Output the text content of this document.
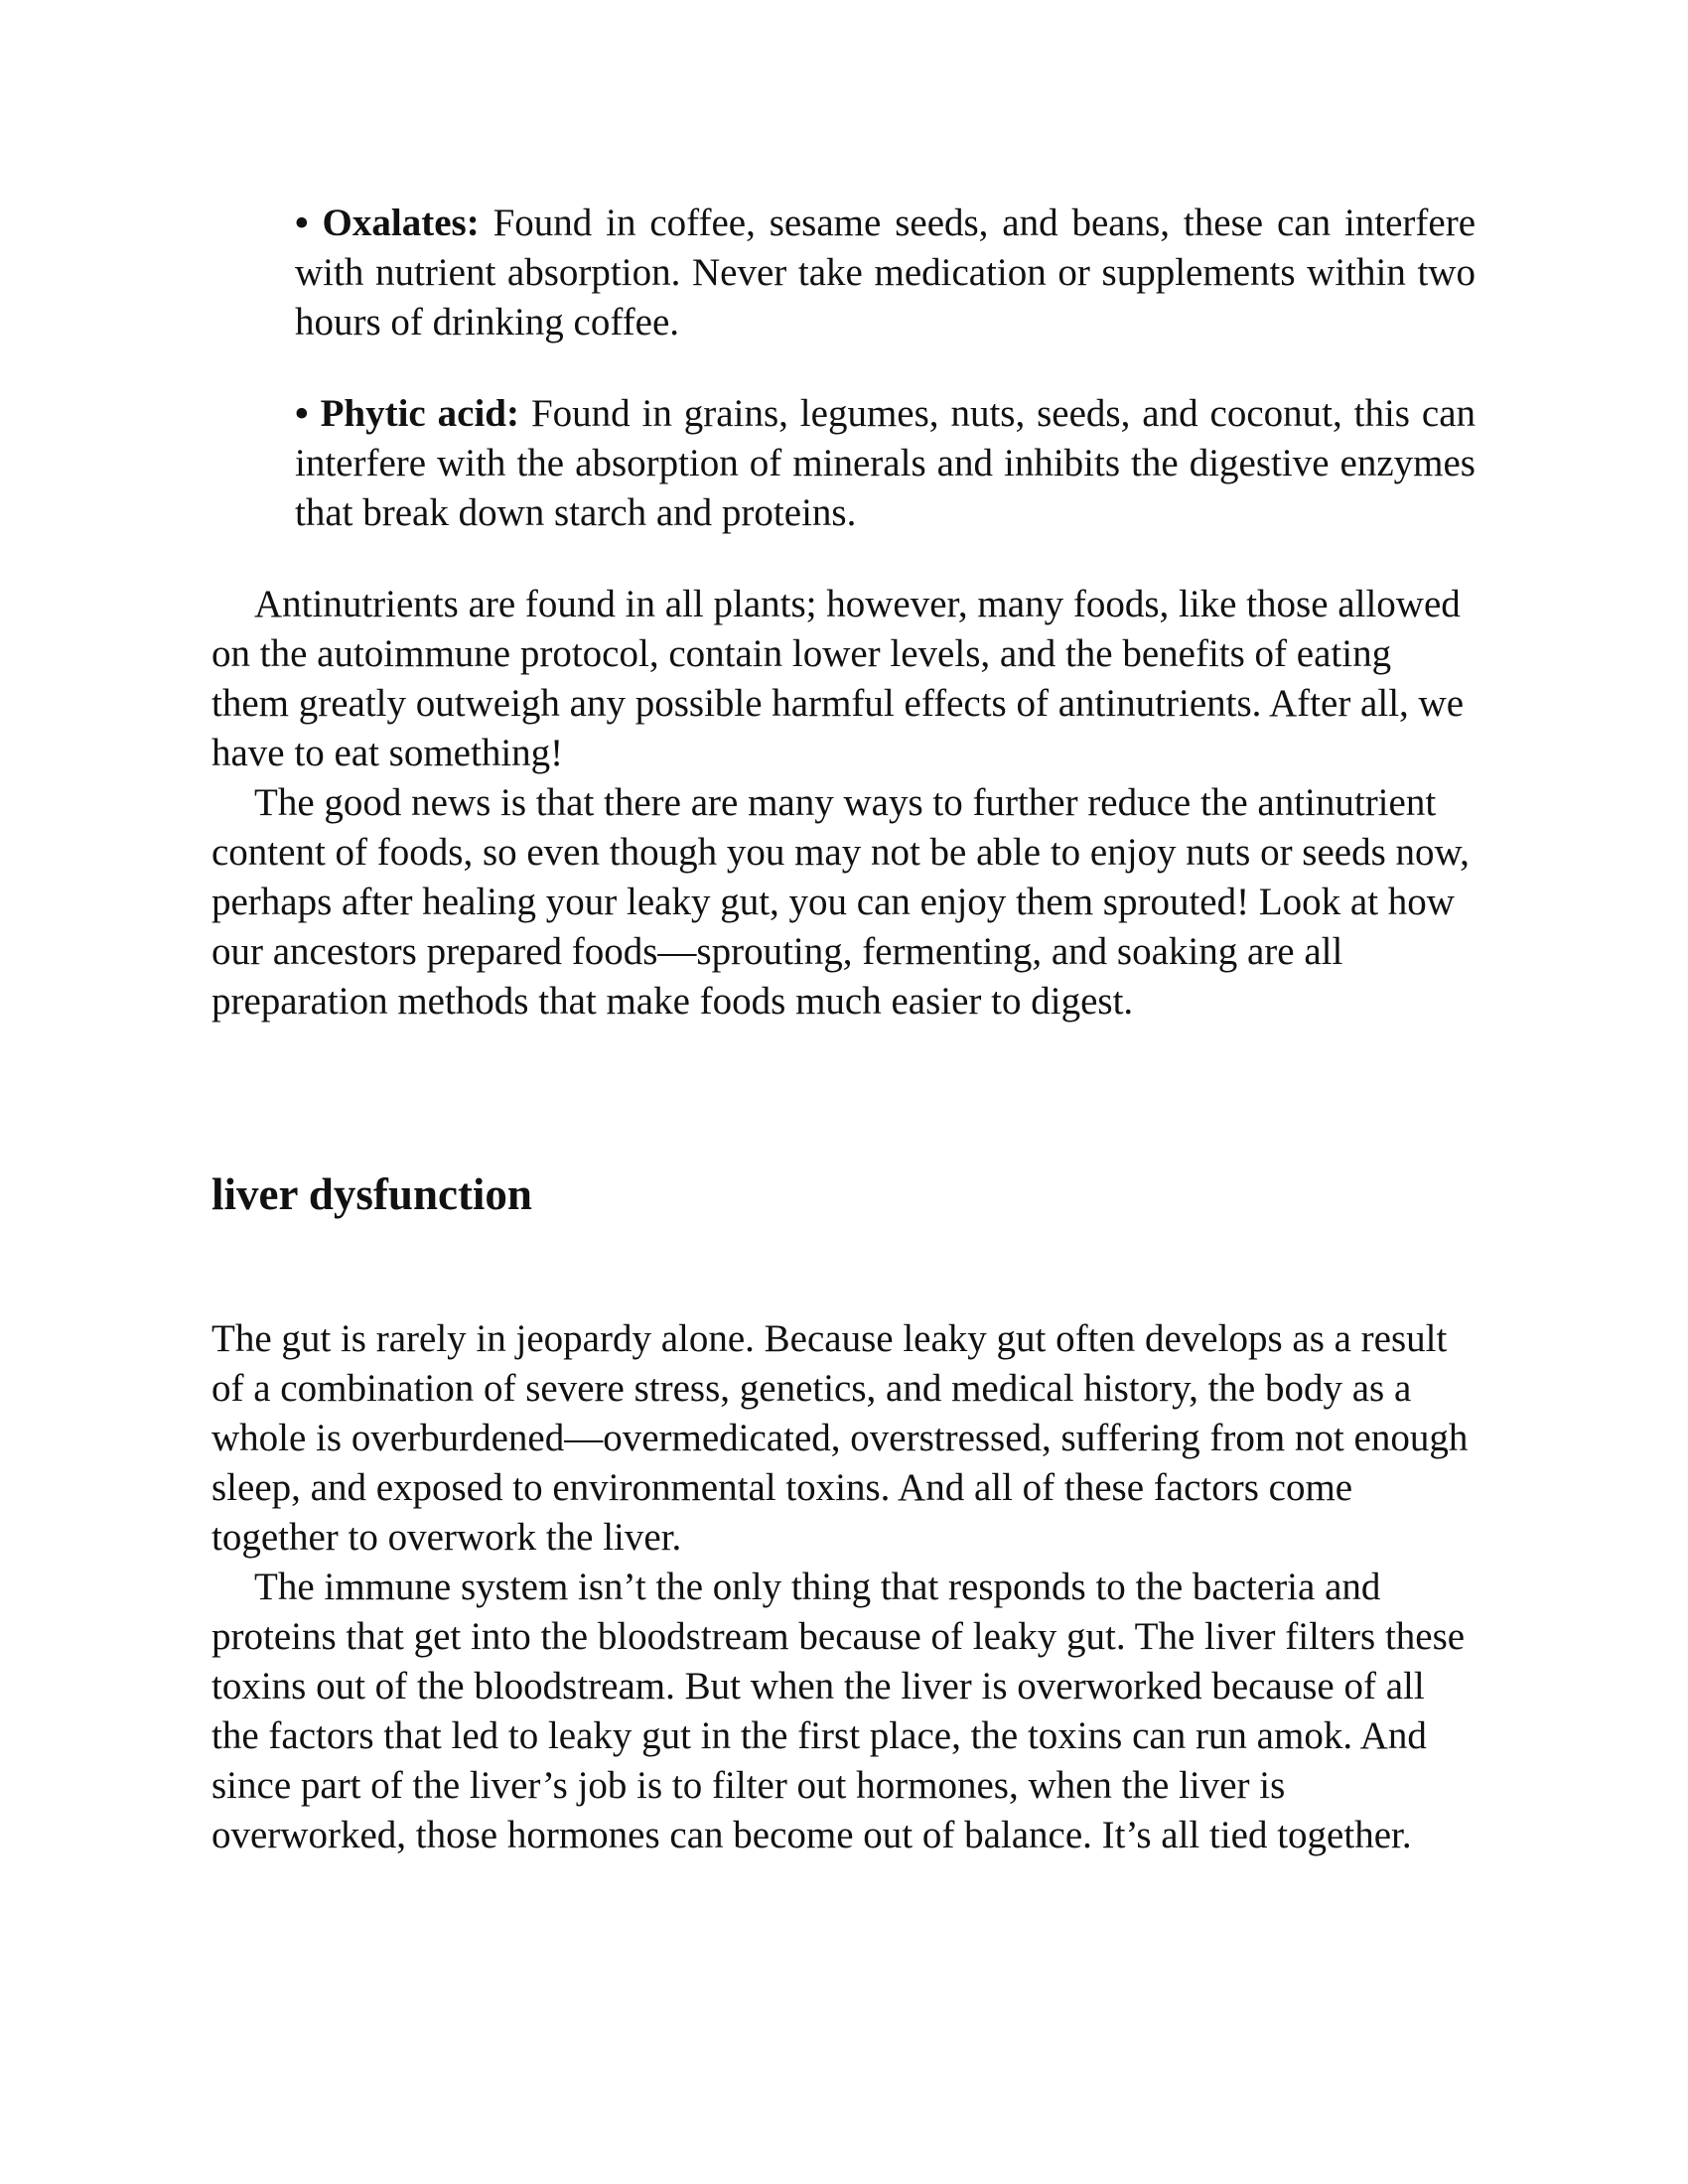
• Oxalates: Found in coffee, sesame seeds, and beans, these can interfere with nutrient absorption. Never take medication or supplements within two hours of drinking coffee.

• Phytic acid: Found in grains, legumes, nuts, seeds, and coconut, this can interfere with the absorption of minerals and inhibits the digestive enzymes that break down starch and proteins.

Antinutrients are found in all plants; however, many foods, like those allowed on the autoimmune protocol, contain lower levels, and the benefits of eating them greatly outweigh any possible harmful effects of antinutrients. After all, we have to eat something!

The good news is that there are many ways to further reduce the antinutrient content of foods, so even though you may not be able to enjoy nuts or seeds now, perhaps after healing your leaky gut, you can enjoy them sprouted! Look at how our ancestors prepared foods—sprouting, fermenting, and soaking are all preparation methods that make foods much easier to digest.

liver dysfunction

The gut is rarely in jeopardy alone. Because leaky gut often develops as a result of a combination of severe stress, genetics, and medical history, the body as a whole is overburdened—overmedicated, overstressed, suffering from not enough sleep, and exposed to environmental toxins. And all of these factors come together to overwork the liver.

The immune system isn’t the only thing that responds to the bacteria and proteins that get into the bloodstream because of leaky gut. The liver filters these toxins out of the bloodstream. But when the liver is overworked because of all the factors that led to leaky gut in the first place, the toxins can run amok. And since part of the liver’s job is to filter out hormones, when the liver is overworked, those hormones can become out of balance. It’s all tied together.
